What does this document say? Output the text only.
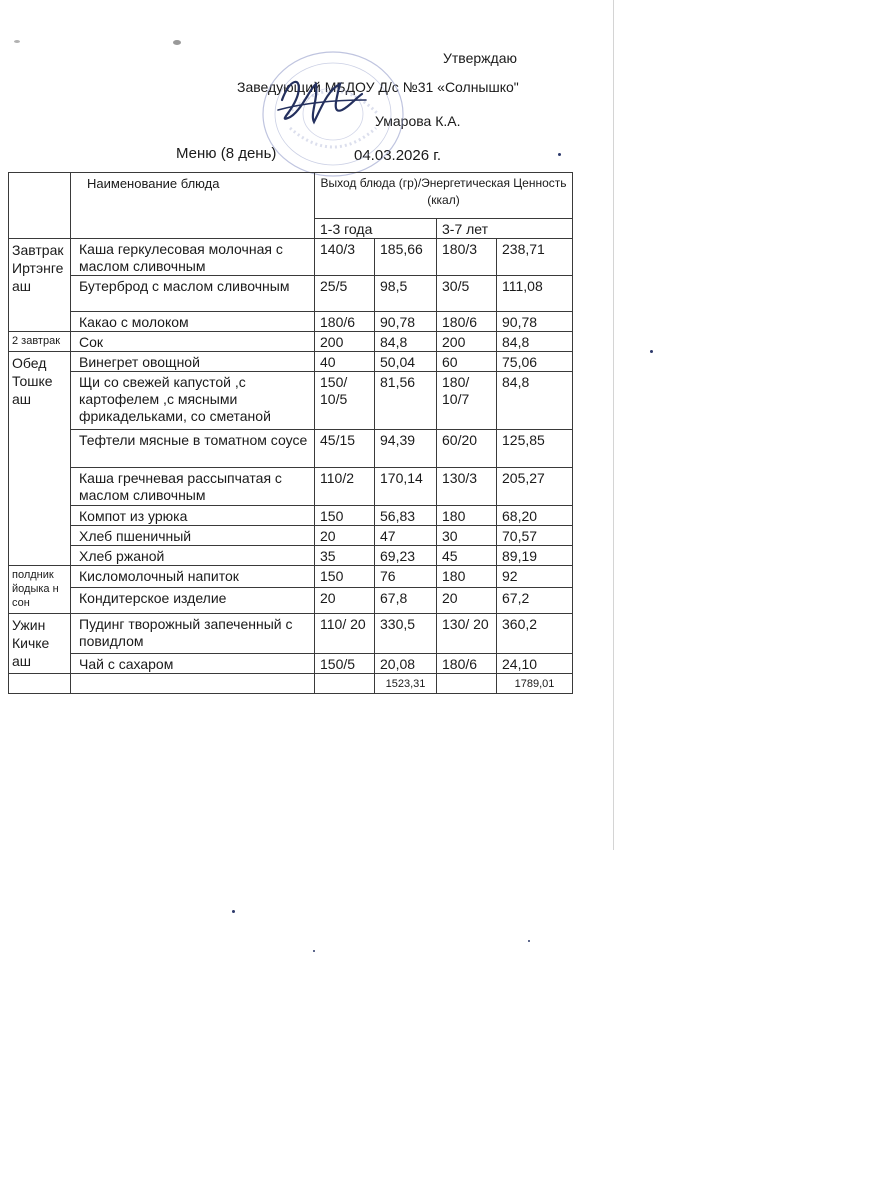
Утверждаю
Заведующий МБДОУ Д/с №31 «Солнышко"
Умарова К.А.
Меню (8 день)	04.03.2026 г.
	Наименование блюда	Выход блюда (гр)/Энергетическая Ценность (ккал)			
		1-3 года		3-7 лет	
Завтрак Иртэнге аш	Каша геркулесовая молочная с маслом сливочным	140/3	185,66	180/3	238,71
	Бутерброд с маслом сливочным	25/5	98,5	30/5	111,08
	Какао с молоком	180/6	90,78	180/6	90,78
2 завтрак	Сок	200	84,8	200	84,8
Обед Тошке аш	Винегрет овощной	40	50,04	60	75,06
	Щи со свежей капустой ,с картофелем ,с мясными фрикадельками, со сметаной	150/ 10/5	81,56	180/ 10/7	84,8
	Тефтели мясные в томатном соусе	45/15	94,39	60/20	125,85
	Каша гречневая рассыпчатая с маслом сливочным	110/2	170,14	130/3	205,27
	Компот из урюка	150	56,83	180	68,20
	Хлеб пшеничный	20	47	30	70,57
	Хлеб ржаной	35	69,23	45	89,19
полдник йодыка н сон	Кисломолочный напиток	150	76	180	92
	Кондитерское изделие	20	67,8	20	67,2
Ужин Кичке аш	Пудинг творожный запеченный с повидлом	110/ 20	330,5	130/ 20	360,2
	Чай с сахаром	150/5	20,08	180/6	24,10
			1523,31		1789,01
